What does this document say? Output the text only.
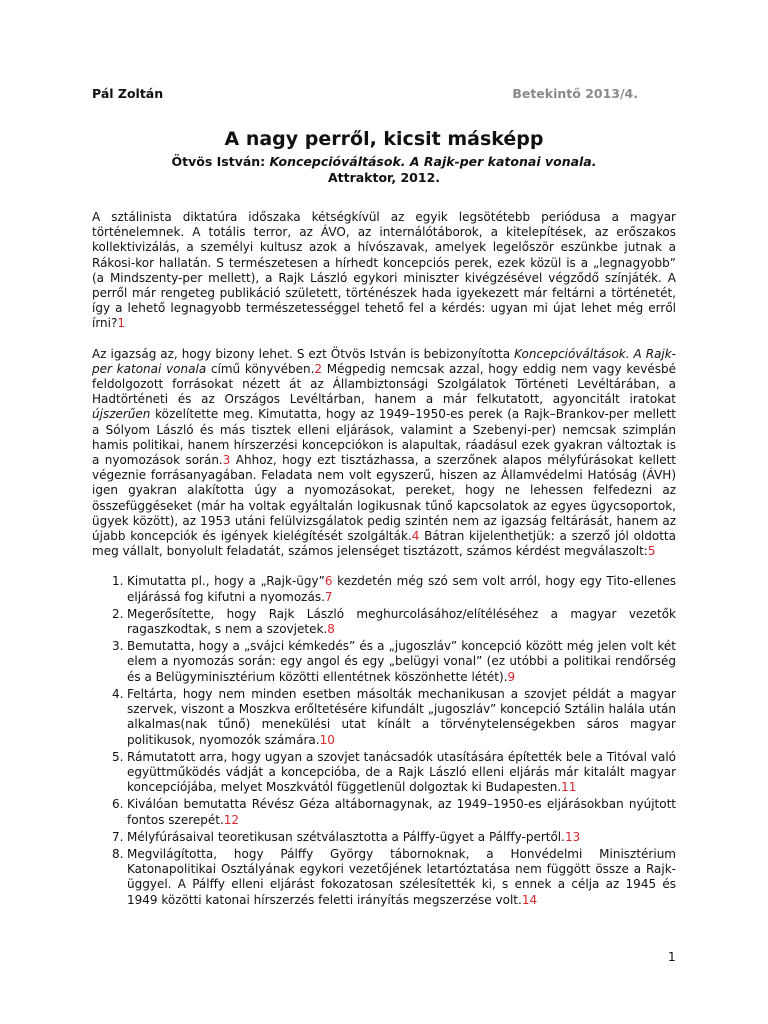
Pál Zoltán	Betekintő 2013/4.
A nagy perről, kicsit másképp
Ötvös István: Koncepcióváltások. A Rajk-per katonai vonala.
Attraktor, 2012.

A sztálinista diktatúra időszaka kétségkívül az egyik legsötétebb periódusa a magyar történelemnek. A totális terror, az ÁVO, az internálótáborok, a kitelepítések, az erőszakos kollektivizálás, a személyi kultusz azok a hívószavak, amelyek legelőször eszünkbe jutnak a Rákosi-kor hallatán. S természetesen a hírhedt koncepciós perek, ezek közül is a „legnagyobb” (a Mindszenty-per mellett), a Rajk László egykori miniszter kivégzésével végződő színjáték. A perről már rengeteg publikáció született, történészek hada igyekezett már feltárni a történetét, így a lehető legnagyobb természetességgel tehető fel a kérdés: ugyan mi újat lehet még erről írni?1

Az igazság az, hogy bizony lehet. S ezt Ötvös István is bebizonyította Koncepcióváltások. A Rajk-per katonai vonala című könyvében.2 Mégpedig nemcsak azzal, hogy eddig nem vagy kevésbé feldolgozott forrásokat nézett át az Állambiztonsági Szolgálatok Történeti Levéltárában, a Hadtörténeti és az Országos Levéltárban, hanem a már felkutatott, agyoncitált iratokat újszerűen közelítette meg. Kimutatta, hogy az 1949–1950-es perek (a Rajk–Brankov-per mellett a Sólyom László és más tisztek elleni eljárások, valamint a Szebenyi-per) nemcsak szimplán hamis politikai, hanem hírszerzési koncepciókon is alapultak, ráadásul ezek gyakran változtak is a nyomozások során.3 Ahhoz, hogy ezt tisztázhassa, a szerzőnek alapos mélyfúrásokat kellett végeznie forrásanyagában. Feladata nem volt egyszerű, hiszen az Államvédelmi Hatóság (ÁVH) igen gyakran alakította úgy a nyomozásokat, pereket, hogy ne lehessen felfedezni az összefüggéseket (már ha voltak egyáltalán logikusnak tűnő kapcsolatok az egyes ügycsoportok, ügyek között), az 1953 utáni felülvizsgálatok pedig szintén nem az igazság feltárását, hanem az újabb koncepciók és igények kielégítését szolgálták.4 Bátran kijelenthetjük: a szerző jól oldotta meg vállalt, bonyolult feladatát, számos jelenséget tisztázott, számos kérdést megválaszolt:5

1. Kimutatta pl., hogy a „Rajk-ügy”6 kezdetén még szó sem volt arról, hogy egy Tito-ellenes eljárássá fog kifutni a nyomozás.7
2. Megerősítette, hogy Rajk László meghurcolásához/elítéléséhez a magyar vezetők ragaszkodtak, s nem a szovjetek.8
3. Bemutatta, hogy a „svájci kémkedés” és a „jugoszláv” koncepció között még jelen volt két elem a nyomozás során: egy angol és egy „belügyi vonal” (ez utóbbi a politikai rendőrség és a Belügyminisztérium közötti ellentétnek köszönhette létét).9
4. Feltárta, hogy nem minden esetben másolták mechanikusan a szovjet példát a magyar szervek, viszont a Moszkva erőltetésére kifundált „jugoszláv” koncepció Sztálin halála után alkalmas(nak tűnő) menekülési utat kínált a törvénytelenségekben sáros magyar politikusok, nyomozók számára.10
5. Rámutatott arra, hogy ugyan a szovjet tanácsadók utasítására építették bele a Titóval való együttműködés vádját a koncepcióba, de a Rajk László elleni eljárás már kitalált magyar koncepciójába, melyet Moszkvától függetlenül dolgoztak ki Budapesten.11
6. Kiválóan bemutatta Révész Géza altábornagynak, az 1949–1950-es eljárásokban nyújtott fontos szerepét.12
7. Mélyfúrásaival teoretikusan szétválasztotta a Pálffy-ügyet a Pálffy-pertől.13
8. Megvilágította, hogy Pálffy György tábornoknak, a Honvédelmi Minisztérium Katonapolitikai Osztályának egykori vezetőjének letartóztatása nem függött össze a Rajk-üggyel. A Pálffy elleni eljárást fokozatosan szélesítették ki, s ennek a célja az 1945 és 1949 közötti katonai hírszerzés feletti irányítás megszerzése volt.14
1
